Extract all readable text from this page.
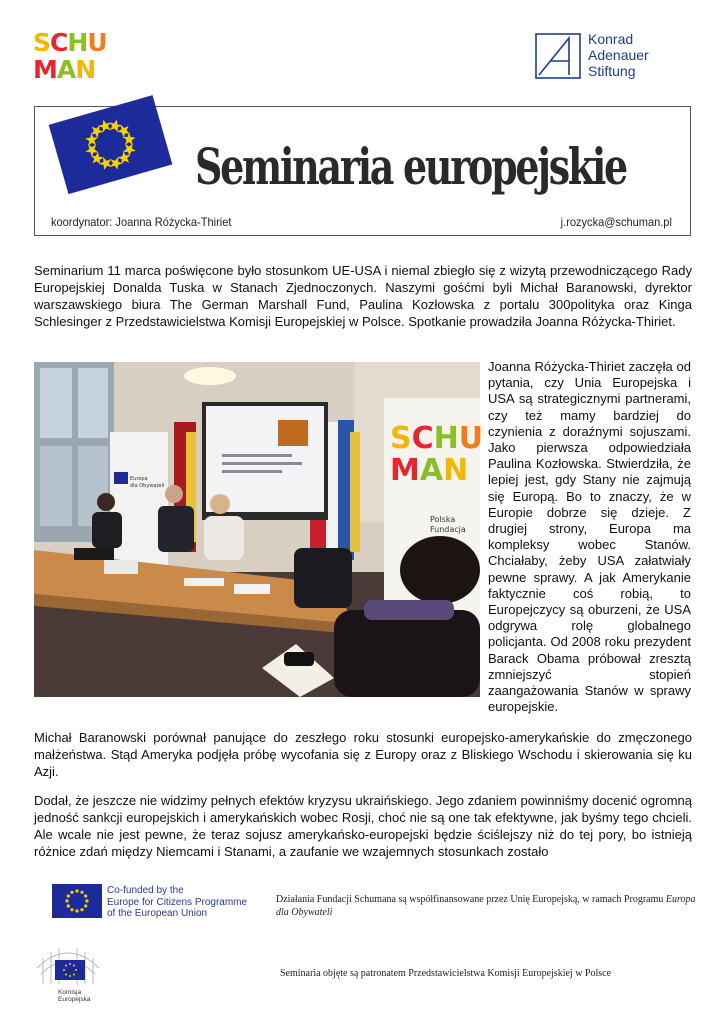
SCHU
MAN
Konrad
Adenauer
Stiftung
Seminaria europejskie
koordynator: Joanna Różycka-Thiriet	j.rozycka@schuman.pl

Seminarium 11 marca poświęcone było stosunkom UE-USA i niemal zbiegło się z wizytą przewodniczącego Rady Europejskiej Donalda Tuska w Stanach Zjednoczonych. Naszymi gośćmi byli Michał Baranowski, dyrektor warszawskiego biura The German Marshall Fund, Paulina Kozłowska z portalu 300polityka oraz Kinga Schlesinger z Przedstawicielstwa Komisji Europejskiej w Polsce. Spotkanie prowadziła Joanna Różycka-Thiriet.

Europa
dla Obywateli
SCHU
MAN
Polska
Fundacja

Joanna Różycka-Thiriet zaczęła od pytania, czy Unia Europejska i USA są strategicznymi partnerami, czy też mamy bardziej do czynienia z doraźnymi sojuszami. Jako pierwsza odpowiedziała Paulina Kozłowska. Stwierdziła, że lepiej jest, gdy Stany nie zajmują się Europą. Bo to znaczy, że w Europie dobrze się dzieje. Z drugiej strony, Europa ma kompleksy wobec Stanów. Chciałaby, żeby USA załatwiały pewne sprawy. A jak Amerykanie faktycznie coś robią, to Europejczycy są oburzeni, że USA odgrywa rolę globalnego policjanta. Od 2008 roku prezydent Barack Obama próbował zresztą zmniejszyć stopień zaangażowania Stanów w sprawy europejskie.

Michał Baranowski porównał panujące do zeszłego roku stosunki europejsko-amerykańskie do zmęczonego małżeństwa. Stąd Ameryka podjęła próbę wycofania się z Europy oraz z Bliskiego Wschodu i skierowania się ku Azji.

Dodał, że jeszcze nie widzimy pełnych efektów kryzysu ukraińskiego. Jego zdaniem powinniśmy docenić ogromną jedność sankcji europejskich i amerykańskich wobec Rosji, choć nie są one tak efektywne, jak byśmy tego chcieli. Ale wcale nie jest pewne, że teraz sojusz amerykańsko-europejski będzie ściślejszy niż do tej pory, bo istnieją różnice zdań między Niemcami i Stanami, a zaufanie we wzajemnych stosunkach zostało

Co-funded by the
Europe for Citizens Programme
of the European Union
Działania Fundacji Schumana są współfinansowane przez Unię Europejską, w ramach Programu Europa dla Obywateli
Komisja
Europejska
Seminaria objęte są patronatem Przedstawicielstwa Komisji Europejskiej w Polsce
